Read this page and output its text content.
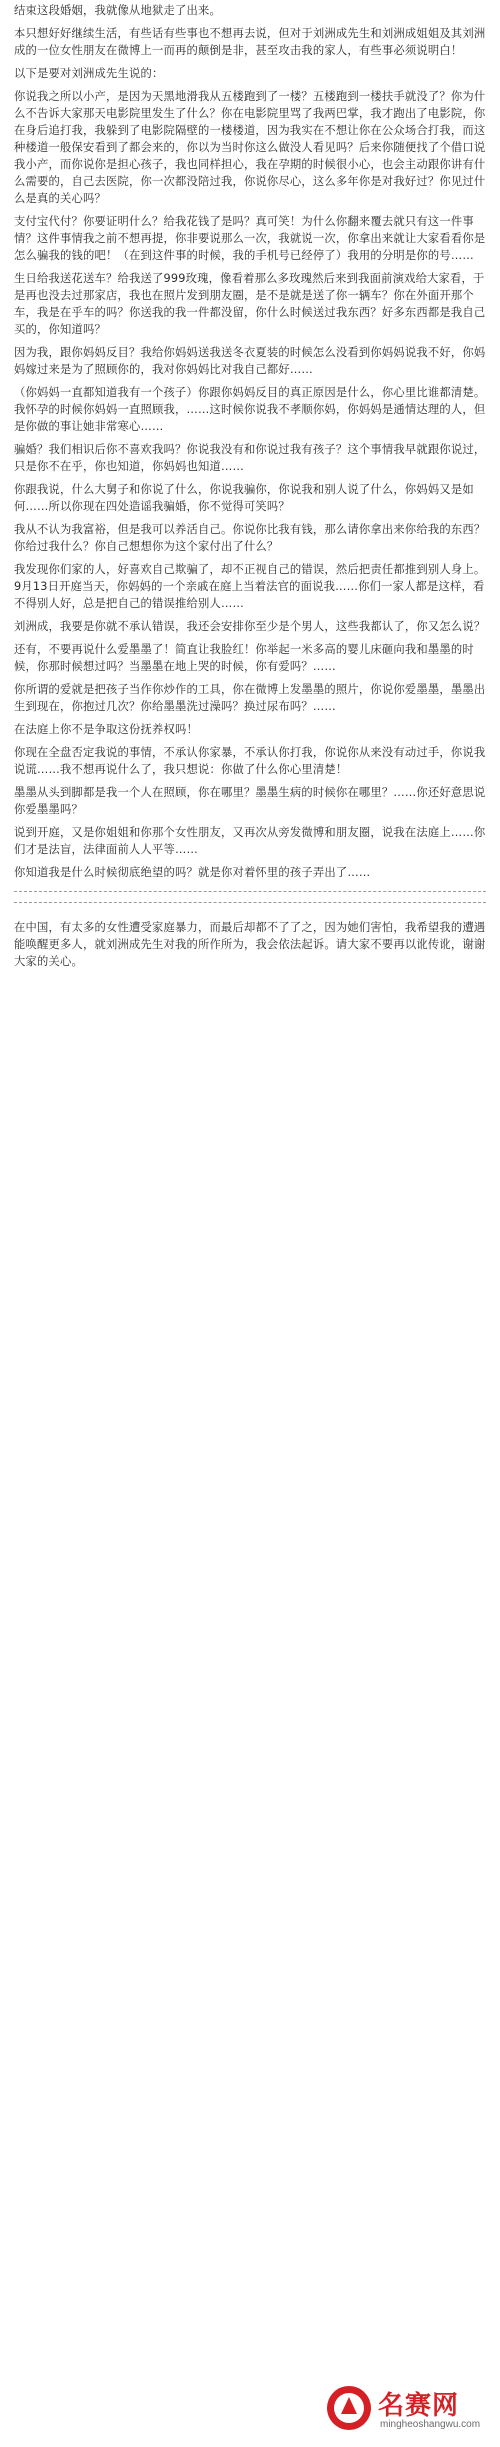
结束这段婚姻，我就像从地狱走了出来。

本只想好好继续生活，有些话有些事也不想再去说，但对于刘洲成先生和刘洲成姐姐及其刘洲成的一位女性朋友在微博上一而再的颠倒是非，甚至攻击我的家人，有些事必须说明白！

以下是要对刘洲成先生说的：

你说我之所以小产，是因为天黑地滑我从五楼跑到了一楼？五楼跑到一楼扶手就没了？你为什么不告诉大家那天电影院里发生了什么？你在电影院里骂了我两巴掌，我才跑出了电影院，你在身后追打我，我躲到了电影院隔壁的一楼楼道，因为我实在不想让你在公众场合打我，而这种楼道一般保安看到了都会来的，你以为当时你这么做没人看见吗？后来你随便找了个借口说我小产，而你说你是担心孩子，我也同样担心，我在孕期的时候很小心，也会主动跟你讲有什么需要的，自己去医院，你一次都没陪过我，你说你尽心，这么多年你是对我好过？你见过什么是真的关心吗？

支付宝代付？你要证明什么？给我花钱了是吗？真可笑！为什么你翻来覆去就只有这一件事情？这件事情我之前不想再提，你非要说那么一次，我就说一次，你拿出来就让大家看看你是怎么骗我的钱的吧！（在到这件事的时候，我的手机号已经停了）我用的分明是你的号……

生日给我送花送车？给我送了999玫瑰，像看着那么多玫瑰然后来到我面前演戏给大家看，于是再也没去过那家店，我也在照片发到朋友圈，是不是就是送了你一辆车？你在外面开那个车，我是在乎车的吗？你送我的我一件都没留，你什么时候送过我东西？好多东西都是我自己买的，你知道吗？

因为我，跟你妈妈反目？我给你妈妈送我送冬衣夏装的时候怎么没看到你妈妈说我不好，你妈妈嫁过来是为了照顾你的，我对你妈妈比对我自己都好……

（你妈妈一直都知道我有一个孩子）你跟你妈妈反目的真正原因是什么，你心里比谁都清楚。我怀孕的时候你妈妈一直照顾我，……这时候你说我不孝顺你妈，你妈妈是通情达理的人，但是你做的事让她非常寒心……

骗婚？我们相识后你不喜欢我吗？你说我没有和你说过我有孩子？这个事情我早就跟你说过，只是你不在乎，你也知道，你妈妈也知道……

你跟我说，什么大舅子和你说了什么，你说我骗你，你说我和别人说了什么，你妈妈又是如何……所以你现在四处造谣我骗婚，你不觉得可笑吗？

我从不认为我富裕，但是我可以养活自己。你说你比我有钱，那么请你拿出来你给我的东西？你给过我什么？你自己想想你为这个家付出了什么？

我发现你们家的人，好喜欢自己欺骗了，却不正视自己的错误，然后把责任都推到别人身上。9月13日开庭当天，你妈妈的一个亲戚在庭上当着法官的面说我……你们一家人都是这样，看不得别人好，总是把自己的错误推给别人……

刘洲成，我要是你就不承认错误，我还会安排你至少是个男人，这些我都认了，你又怎么说？

还有，不要再说什么爱墨墨了！简直让我脸红！你举起一米多高的婴儿床砸向我和墨墨的时候，你那时候想过吗？当墨墨在地上哭的时候，你有爱吗？……

你所谓的爱就是把孩子当作你炒作的工具，你在微博上发墨墨的照片，你说你爱墨墨，墨墨出生到现在，你抱过几次？你给墨墨洗过澡吗？换过尿布吗？……

在法庭上你不是争取这份抚养权吗！

你现在全盘否定我说的事情，不承认你家暴，不承认你打我，你说你从来没有动过手，你说我说谎……我不想再说什么了，我只想说：你做了什么你心里清楚！

墨墨从头到脚都是我一个人在照顾，你在哪里？墨墨生病的时候你在哪里？……你还好意思说你爱墨墨吗？

说到开庭，又是你姐姐和你那个女性朋友，又再次从旁发微博和朋友圈，说我在法庭上……你们才是法盲，法律面前人人平等……

你知道我是什么时候彻底绝望的吗？就是你对着怀里的孩子弄出了……

在中国，有太多的女性遭受家庭暴力，而最后却都不了了之，因为她们害怕，我希望我的遭遇能唤醒更多人，就刘洲成先生对我的所作所为，我会依法起诉。请大家不要再以讹传讹，谢谢大家的关心。

名赛网
mingheoshangwu.com
